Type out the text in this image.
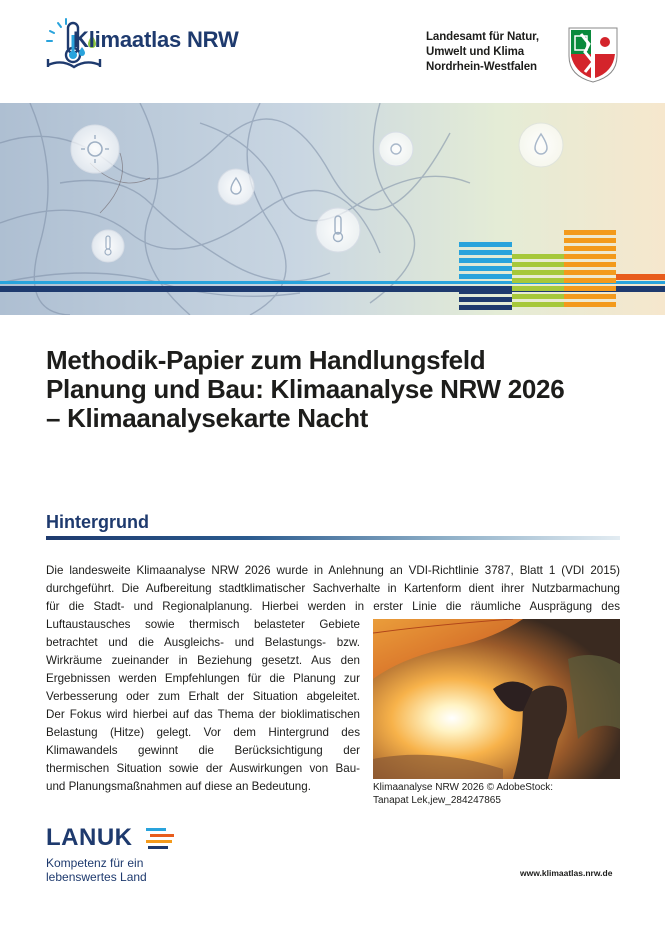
Klimaatlas NRW	Landesamt für Natur,
Umwelt und Klima
Nordrhein-Westfalen
Methodik-Papier zum Handlungsfeld
Planung und Bau: Klimaanalyse NRW 2026
– Klimaanalysekarte Nacht
Hintergrund
Die landesweite Klimaanalyse NRW 2026 wurde in Anlehnung an VDI-Richtlinie 3787, Blatt 1 (VDI 2015)
durchgeführt. Die Aufbereitung stadtklimatischer Sachverhalte in Kartenform dient ihrer Nutzbarmachung
für die Stadt- und Regionalplanung. Hierbei werden in erster Linie die räumliche Ausprägung des
Luftaustausches sowie thermisch belasteter Gebiete
betrachtet und die Ausgleichs- und Belastungs- bzw.
Wirkräume zueinander in Beziehung gesetzt. Aus den
Ergebnissen werden Empfehlungen für die Planung zur
Verbesserung oder zum Erhalt der Situation abgeleitet.
Der Fokus wird hierbei auf das Thema der bioklimatischen
Belastung (Hitze) gelegt. Vor dem Hintergrund des
Klimawandels gewinnt die Berücksichtigung der
thermischen Situation sowie der Auswirkungen von Bau-
und Planungsmaßnahmen auf diese an Bedeutung.	Klimaanalyse NRW 2026 © AdobeStock:
Tanapat Lek,jew_284247865
LANUK
Kompetenz für ein
lebenswertes Land	www.klimaatlas.nrw.de
